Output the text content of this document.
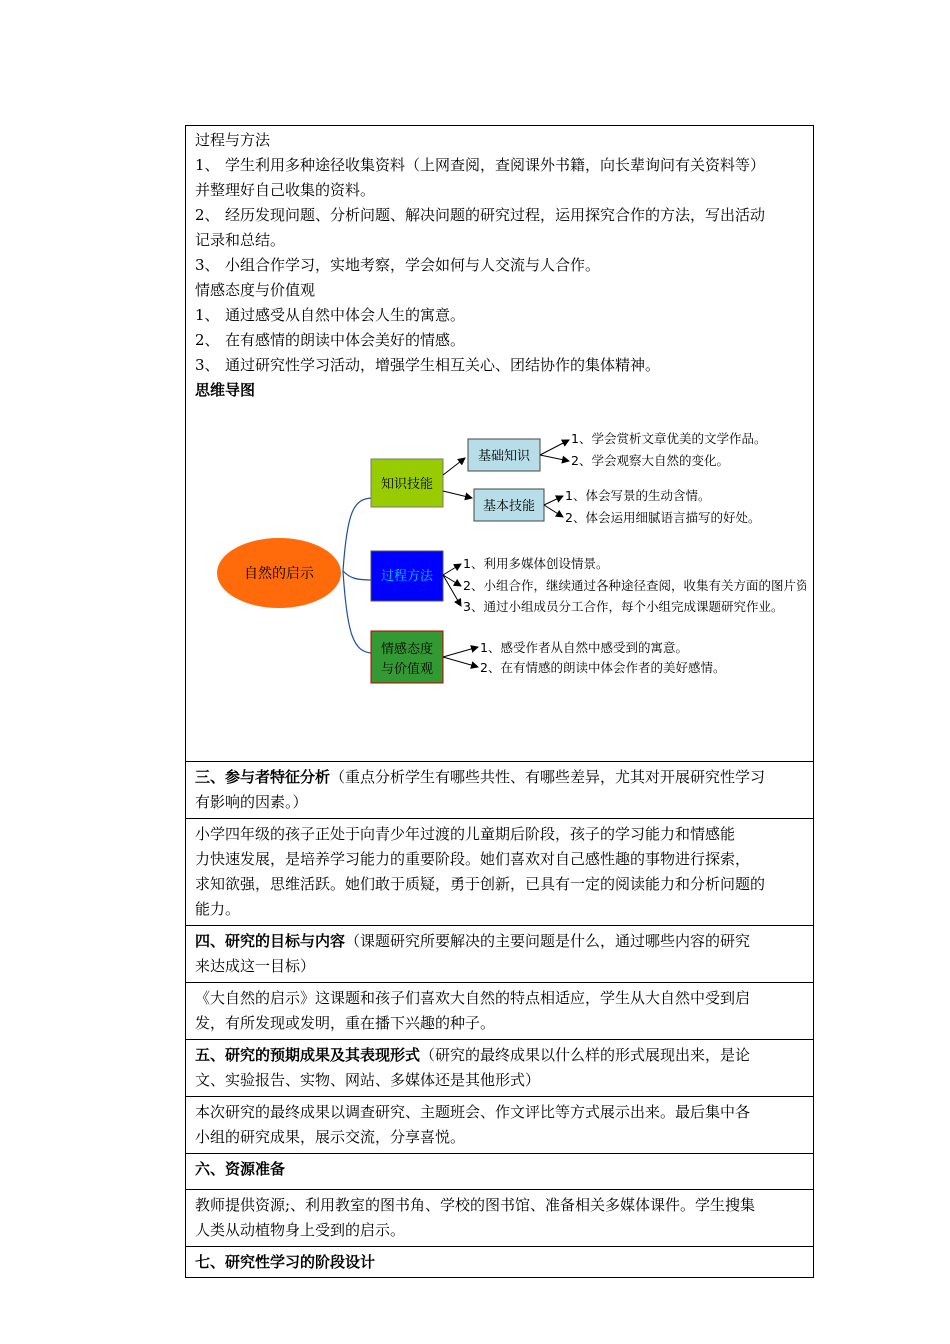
过程与方法
1、 学生利用多种途径收集资料（上网查阅，查阅课外书籍，向长辈询问有关资料等）
并整理好自己收集的资料。
2、 经历发现问题、分析问题、解决问题的研究过程，运用探究合作的方法，写出活动
记录和总结。
3、 小组合作学习，实地考察，学会如何与人交流与人合作。
情感态度与价值观
1、 通过感受从自然中体会人生的寓意。
2、 在有感情的朗读中体会美好的情感。
3、 通过研究性学习活动，增强学生相互关心、团结协作的集体精神。
思维导图
自然的启示
知识技能
基础知识
基本技能
1、学会赏析文章优美的文学作品。
2、学会观察大自然的变化。
1、体会写景的生动含情。
2、体会运用细腻语言描写的好处。
过程方法
1、利用多媒体创设情景。
2、小组合作，继续通过各种途径查阅，收集有关方面的图片资料
3、通过小组成员分工合作，每个小组完成课题研究作业。
情感态度
与价值观
1、感受作者从自然中感受到的寓意。
2、在有情感的朗读中体会作者的美好感情。
三、参与者特征分析（重点分析学生有哪些共性、有哪些差异，尤其对开展研究性学习
有影响的因素。）
小学四年级的孩子正处于向青少年过渡的儿童期后阶段，孩子的学习能力和情感能
力快速发展，是培养学习能力的重要阶段。她们喜欢对自己感性趣的事物进行探索，
求知欲强，思维活跃。她们敢于质疑，勇于创新，已具有一定的阅读能力和分析问题的
能力。
四、研究的目标与内容（课题研究所要解决的主要问题是什么，通过哪些内容的研究
来达成这一目标）
《大自然的启示》这课题和孩子们喜欢大自然的特点相适应，学生从大自然中受到启
发，有所发现或发明，重在播下兴趣的种子。
五、研究的预期成果及其表现形式（研究的最终成果以什么样的形式展现出来，是论
文、实验报告、实物、网站、多媒体还是其他形式）
本次研究的最终成果以调查研究、主题班会、作文评比等方式展示出来。最后集中各
小组的研究成果，展示交流，分享喜悦。
六、资源准备
教师提供资源;、利用教室的图书角、学校的图书馆、准备相关多媒体课件。学生搜集
人类从动植物身上受到的启示。
七、研究性学习的阶段设计
